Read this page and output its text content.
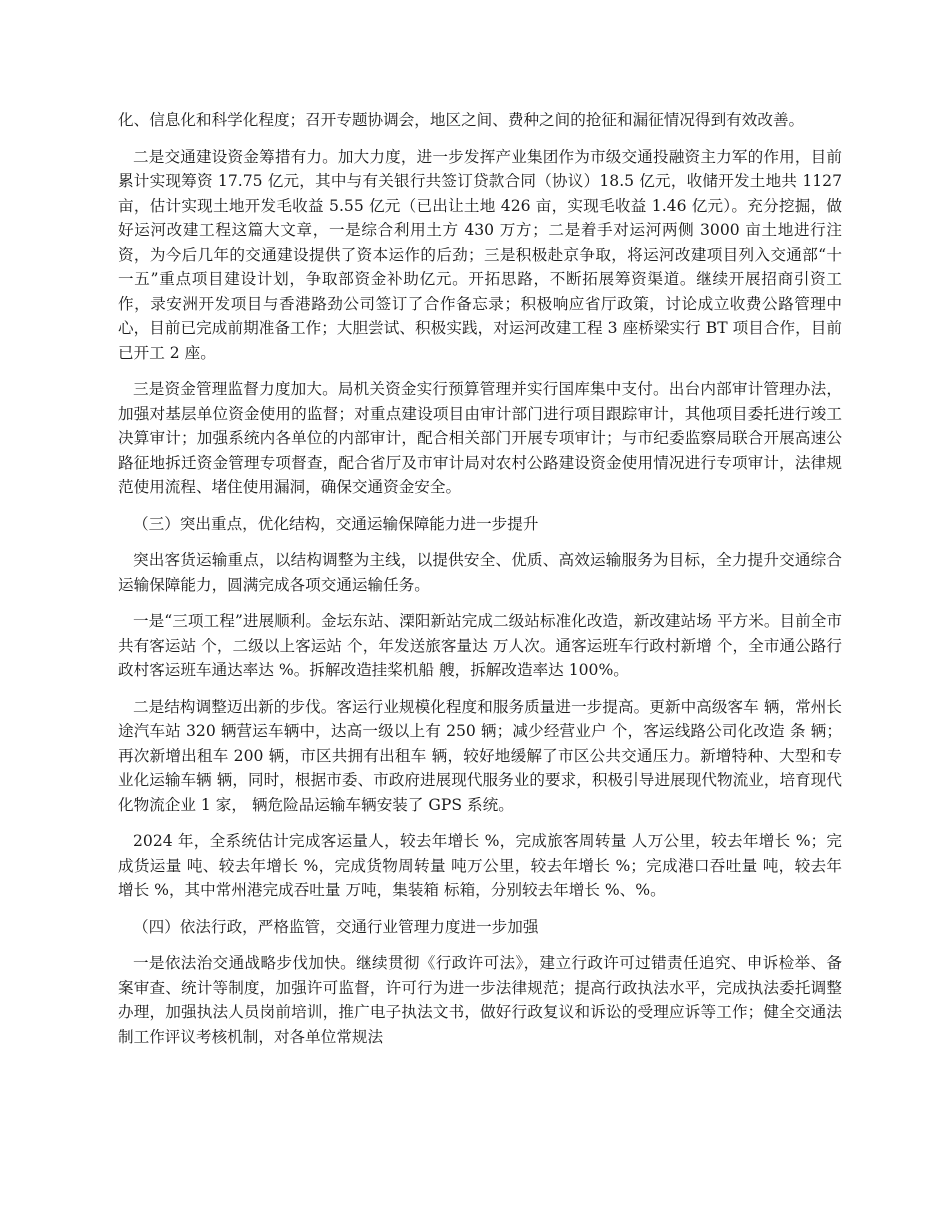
化、信息化和科学化程度；召开专题协调会，地区之间、费种之间的抢征和漏征情况得到有效改善。

二是交通建设资金筹措有力。加大力度，进一步发挥产业集团作为市级交通投融资主力军的作用，目前累计实现筹资 17.75 亿元，其中与有关银行共签订贷款合同（协议）18.5 亿元，收储开发土地共 1127 亩，估计实现土地开发毛收益 5.55 亿元（已出让土地 426 亩，实现毛收益 1.46 亿元）。充分挖掘，做好运河改建工程这篇大文章，一是综合利用土方 430 万方；二是着手对运河两侧 3000 亩土地进行注资，为今后几年的交通建设提供了资本运作的后劲；三是积极赴京争取，将运河改建项目列入交通部“十一五”重点项目建设计划，争取部资金补助亿元。开拓思路，不断拓展筹资渠道。继续开展招商引资工作，录安洲开发项目与香港路劲公司签订了合作备忘录；积极响应省厅政策，讨论成立收费公路管理中心，目前已完成前期准备工作；大胆尝试、积极实践，对运河改建工程 3 座桥梁实行 BT 项目合作，目前已开工 2 座。

三是资金管理监督力度加大。局机关资金实行预算管理并实行国库集中支付。出台内部审计管理办法，加强对基层单位资金使用的监督；对重点建设项目由审计部门进行项目跟踪审计，其他项目委托进行竣工决算审计；加强系统内各单位的内部审计，配合相关部门开展专项审计；与市纪委监察局联合开展高速公路征地拆迁资金管理专项督查，配合省厅及市审计局对农村公路建设资金使用情况进行专项审计，法律规范使用流程、堵住使用漏洞，确保交通资金安全。

（三）突出重点，优化结构，交通运输保障能力进一步提升

突出客货运输重点，以结构调整为主线，以提供安全、优质、高效运输服务为目标，全力提升交通综合运输保障能力，圆满完成各项交通运输任务。

一是“三项工程”进展顺利。金坛东站、溧阳新站完成二级站标准化改造，新改建站场 平方米。目前全市共有客运站 个，二级以上客运站 个，年发送旅客量达 万人次。通客运班车行政村新增 个，全市通公路行政村客运班车通达率达 %。拆解改造挂桨机船 艘，拆解改造率达 100%。

二是结构调整迈出新的步伐。客运行业规模化程度和服务质量进一步提高。更新中高级客车 辆，常州长途汽车站 320 辆营运车辆中，达高一级以上有 250 辆；减少经营业户 个，客运线路公司化改造 条 辆；再次新增出租车 200 辆，市区共拥有出租车 辆，较好地缓解了市区公共交通压力。新增特种、大型和专业化运输车辆 辆，同时，根据市委、市政府进展现代服务业的要求，积极引导进展现代物流业，培育现代化物流企业 1 家， 辆危险品运输车辆安装了 GPS 系统。

2024 年，全系统估计完成客运量人，较去年增长 %，完成旅客周转量 人万公里，较去年增长 %；完成货运量 吨、较去年增长 %，完成货物周转量 吨万公里，较去年增长 %；完成港口吞吐量 吨，较去年增长 %，其中常州港完成吞吐量 万吨，集装箱 标箱，分别较去年增长 %、%。

（四）依法行政，严格监管，交通行业管理力度进一步加强

一是依法治交通战略步伐加快。继续贯彻《行政许可法》，建立行政许可过错责任追究、申诉检举、备案审查、统计等制度，加强许可监督，许可行为进一步法律规范；提高行政执法水平，完成执法委托调整办理，加强执法人员岗前培训，推广电子执法文书，做好行政复议和诉讼的受理应诉等工作；健全交通法制工作评议考核机制，对各单位常规法
